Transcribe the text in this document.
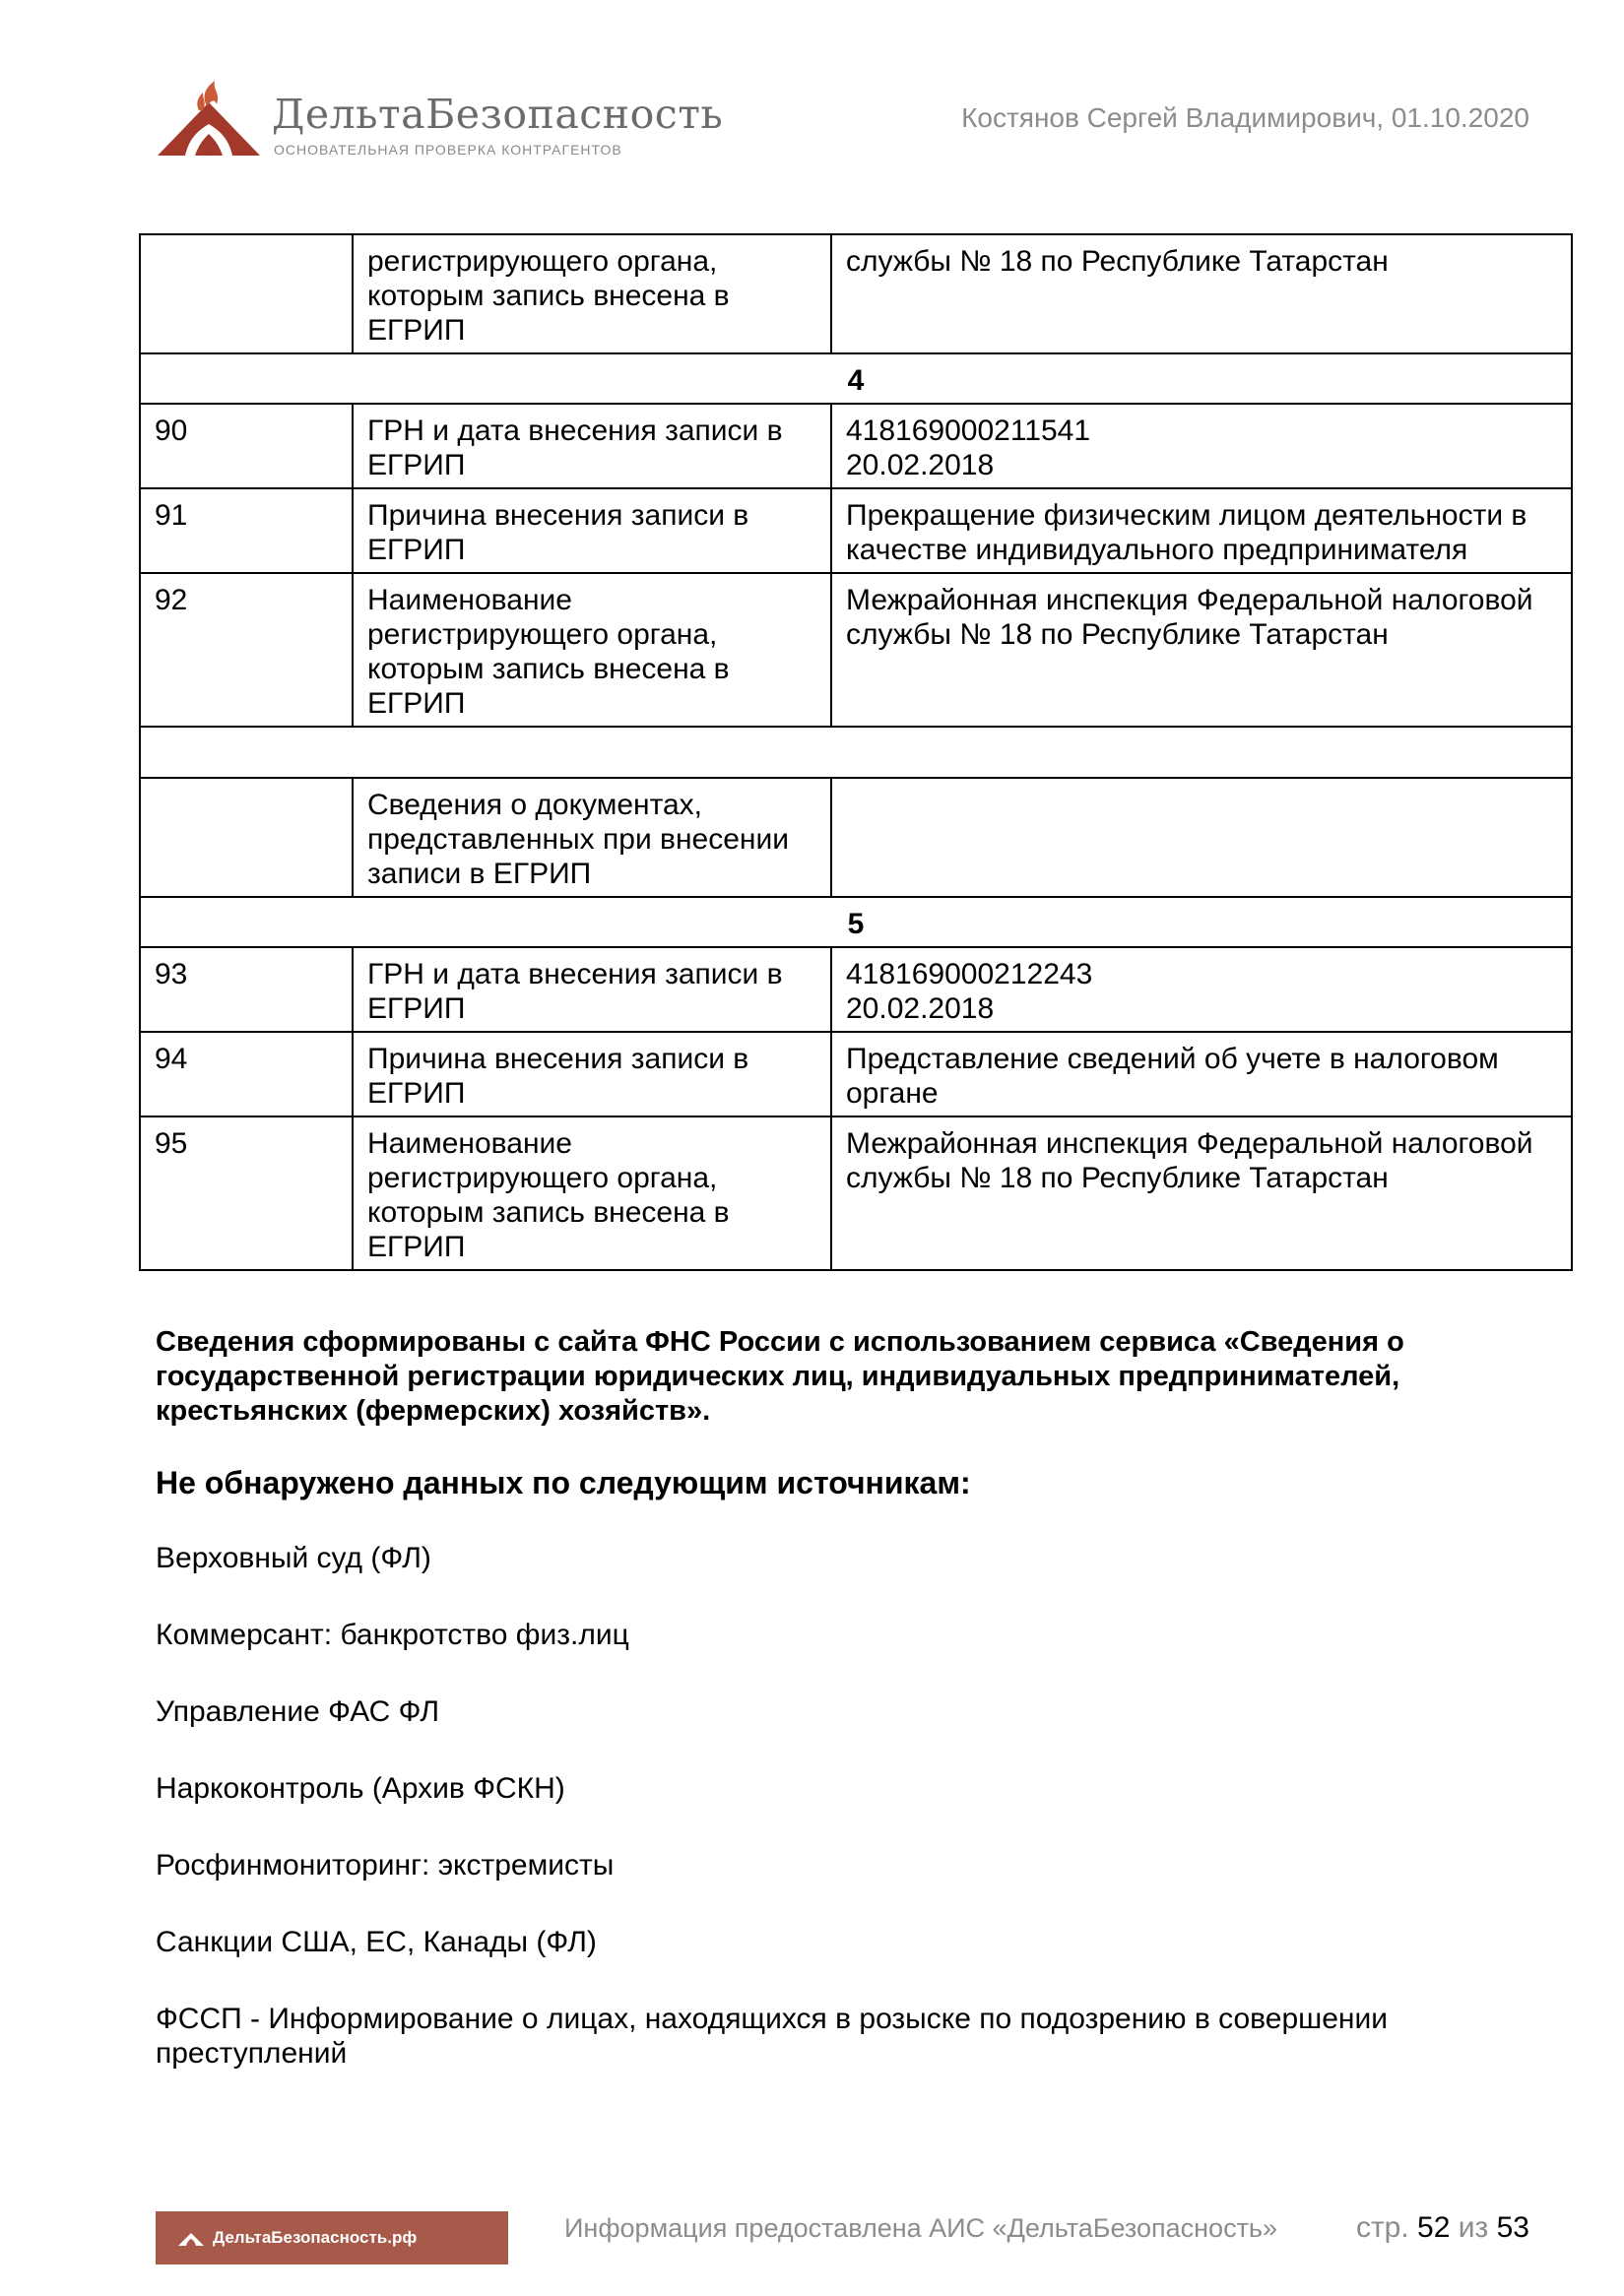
ДельтаБезопасность
ОСНОВАТЕЛЬНАЯ ПРОВЕРКА КОНТРАГЕНТОВ
Костянов Сергей Владимирович, 01.10.2020
	регистрирующего органа, которым запись внесена в ЕГРИП	службы № 18 по Республике Татарстан
4		
90	ГРН и дата внесения записи в ЕГРИП	418169000211541
20.02.2018
91	Причина внесения записи в ЕГРИП	Прекращение физическим лицом деятельности в качестве индивидуального предпринимателя
92	Наименование регистрирующего органа, которым запись внесена в ЕГРИП	Межрайонная инспекция Федеральной налоговой службы № 18 по Республике Татарстан

	Сведения о документах, представленных при внесении записи в ЕГРИП	
5		
93	ГРН и дата внесения записи в ЕГРИП	418169000212243
20.02.2018
94	Причина внесения записи в ЕГРИП	Представление сведений об учете в налоговом органе
95	Наименование регистрирующего органа, которым запись внесена в ЕГРИП	Межрайонная инспекция Федеральной налоговой службы № 18 по Республике Татарстан
Сведения сформированы с сайта ФНС России с использованием сервиса «Сведения о государственной регистрации юридических лиц, индивидуальных предпринимателей, крестьянских (фермерских) хозяйств».
Не обнаружено данных по следующим источникам:
Верховный суд (ФЛ)
Коммерсант: банкротство физ.лиц
Управление ФАС ФЛ
Наркоконтроль (Архив ФСКН)
Росфинмониторинг: экстремисты
Санкции США, ЕС, Канады (ФЛ)
ФССП - Информирование о лицах, находящихся в розыске по подозрению в совершении преступлений
ДельтаБезопасность.рф	Информация предоставлена АИС «ДельтаБезопасность»	стр. 52 из 53
